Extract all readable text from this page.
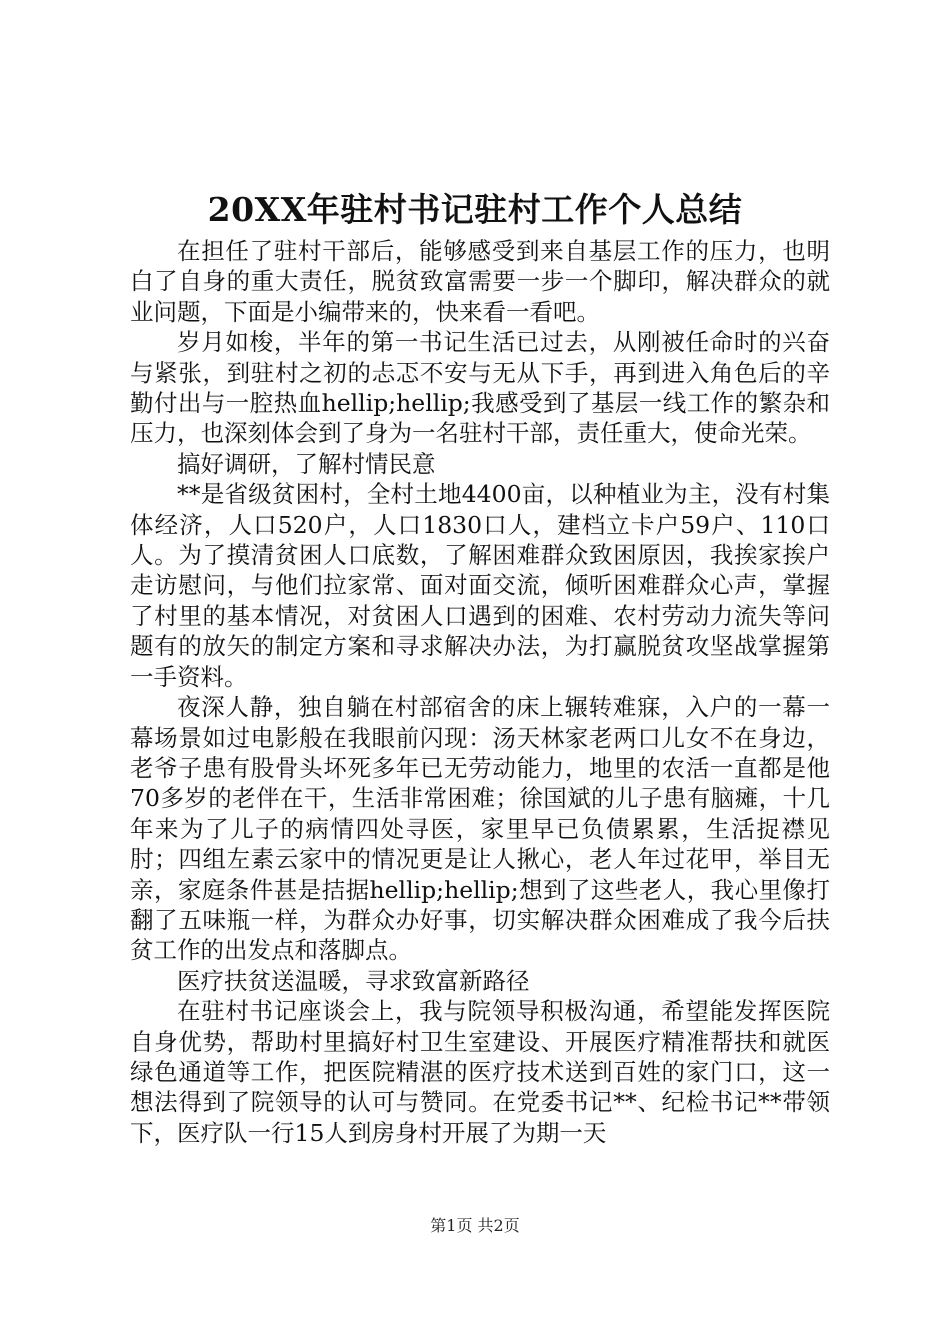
20XX年驻村书记驻村工作个人总结

在担任了驻村干部后，能够感受到来自基层工作的压力，也明白了自身的重大责任，脱贫致富需要一步一个脚印，解决群众的就业问题，下面是小编带来的，快来看一看吧。

岁月如梭，半年的第一书记生活已过去，从刚被任命时的兴奋与紧张，到驻村之初的忐忑不安与无从下手，再到进入角色后的辛勤付出与一腔热血hellip;hellip;我感受到了基层一线工作的繁杂和压力，也深刻体会到了身为一名驻村干部，责任重大，使命光荣。

搞好调研，了解村情民意

**是省级贫困村，全村土地4400亩，以种植业为主，没有村集体经济，人口520户，人口1830口人，建档立卡户59户、110口人。为了摸清贫困人口底数，了解困难群众致困原因，我挨家挨户走访慰问，与他们拉家常、面对面交流，倾听困难群众心声，掌握了村里的基本情况，对贫困人口遇到的困难、农村劳动力流失等问题有的放矢的制定方案和寻求解决办法，为打赢脱贫攻坚战掌握第一手资料。

夜深人静，独自躺在村部宿舍的床上辗转难寐，入户的一幕一幕场景如过电影般在我眼前闪现：汤天林家老两口儿女不在身边，老爷子患有股骨头坏死多年已无劳动能力，地里的农活一直都是他70多岁的老伴在干，生活非常困难；徐国斌的儿子患有脑瘫，十几年来为了儿子的病情四处寻医，家里早已负债累累，生活捉襟见肘；四组左素云家中的情况更是让人揪心，老人年过花甲，举目无亲，家庭条件甚是拮据hellip;hellip;想到了这些老人，我心里像打翻了五味瓶一样，为群众办好事，切实解决群众困难成了我今后扶贫工作的出发点和落脚点。

医疗扶贫送温暖，寻求致富新路径

在驻村书记座谈会上，我与院领导积极沟通，希望能发挥医院自身优势，帮助村里搞好村卫生室建设、开展医疗精准帮扶和就医绿色通道等工作，把医院精湛的医疗技术送到百姓的家门口，这一想法得到了院领导的认可与赞同。在党委书记**、纪检书记**带领下，医疗队一行15人到房身村开展了为期一天

第1页 共2页
